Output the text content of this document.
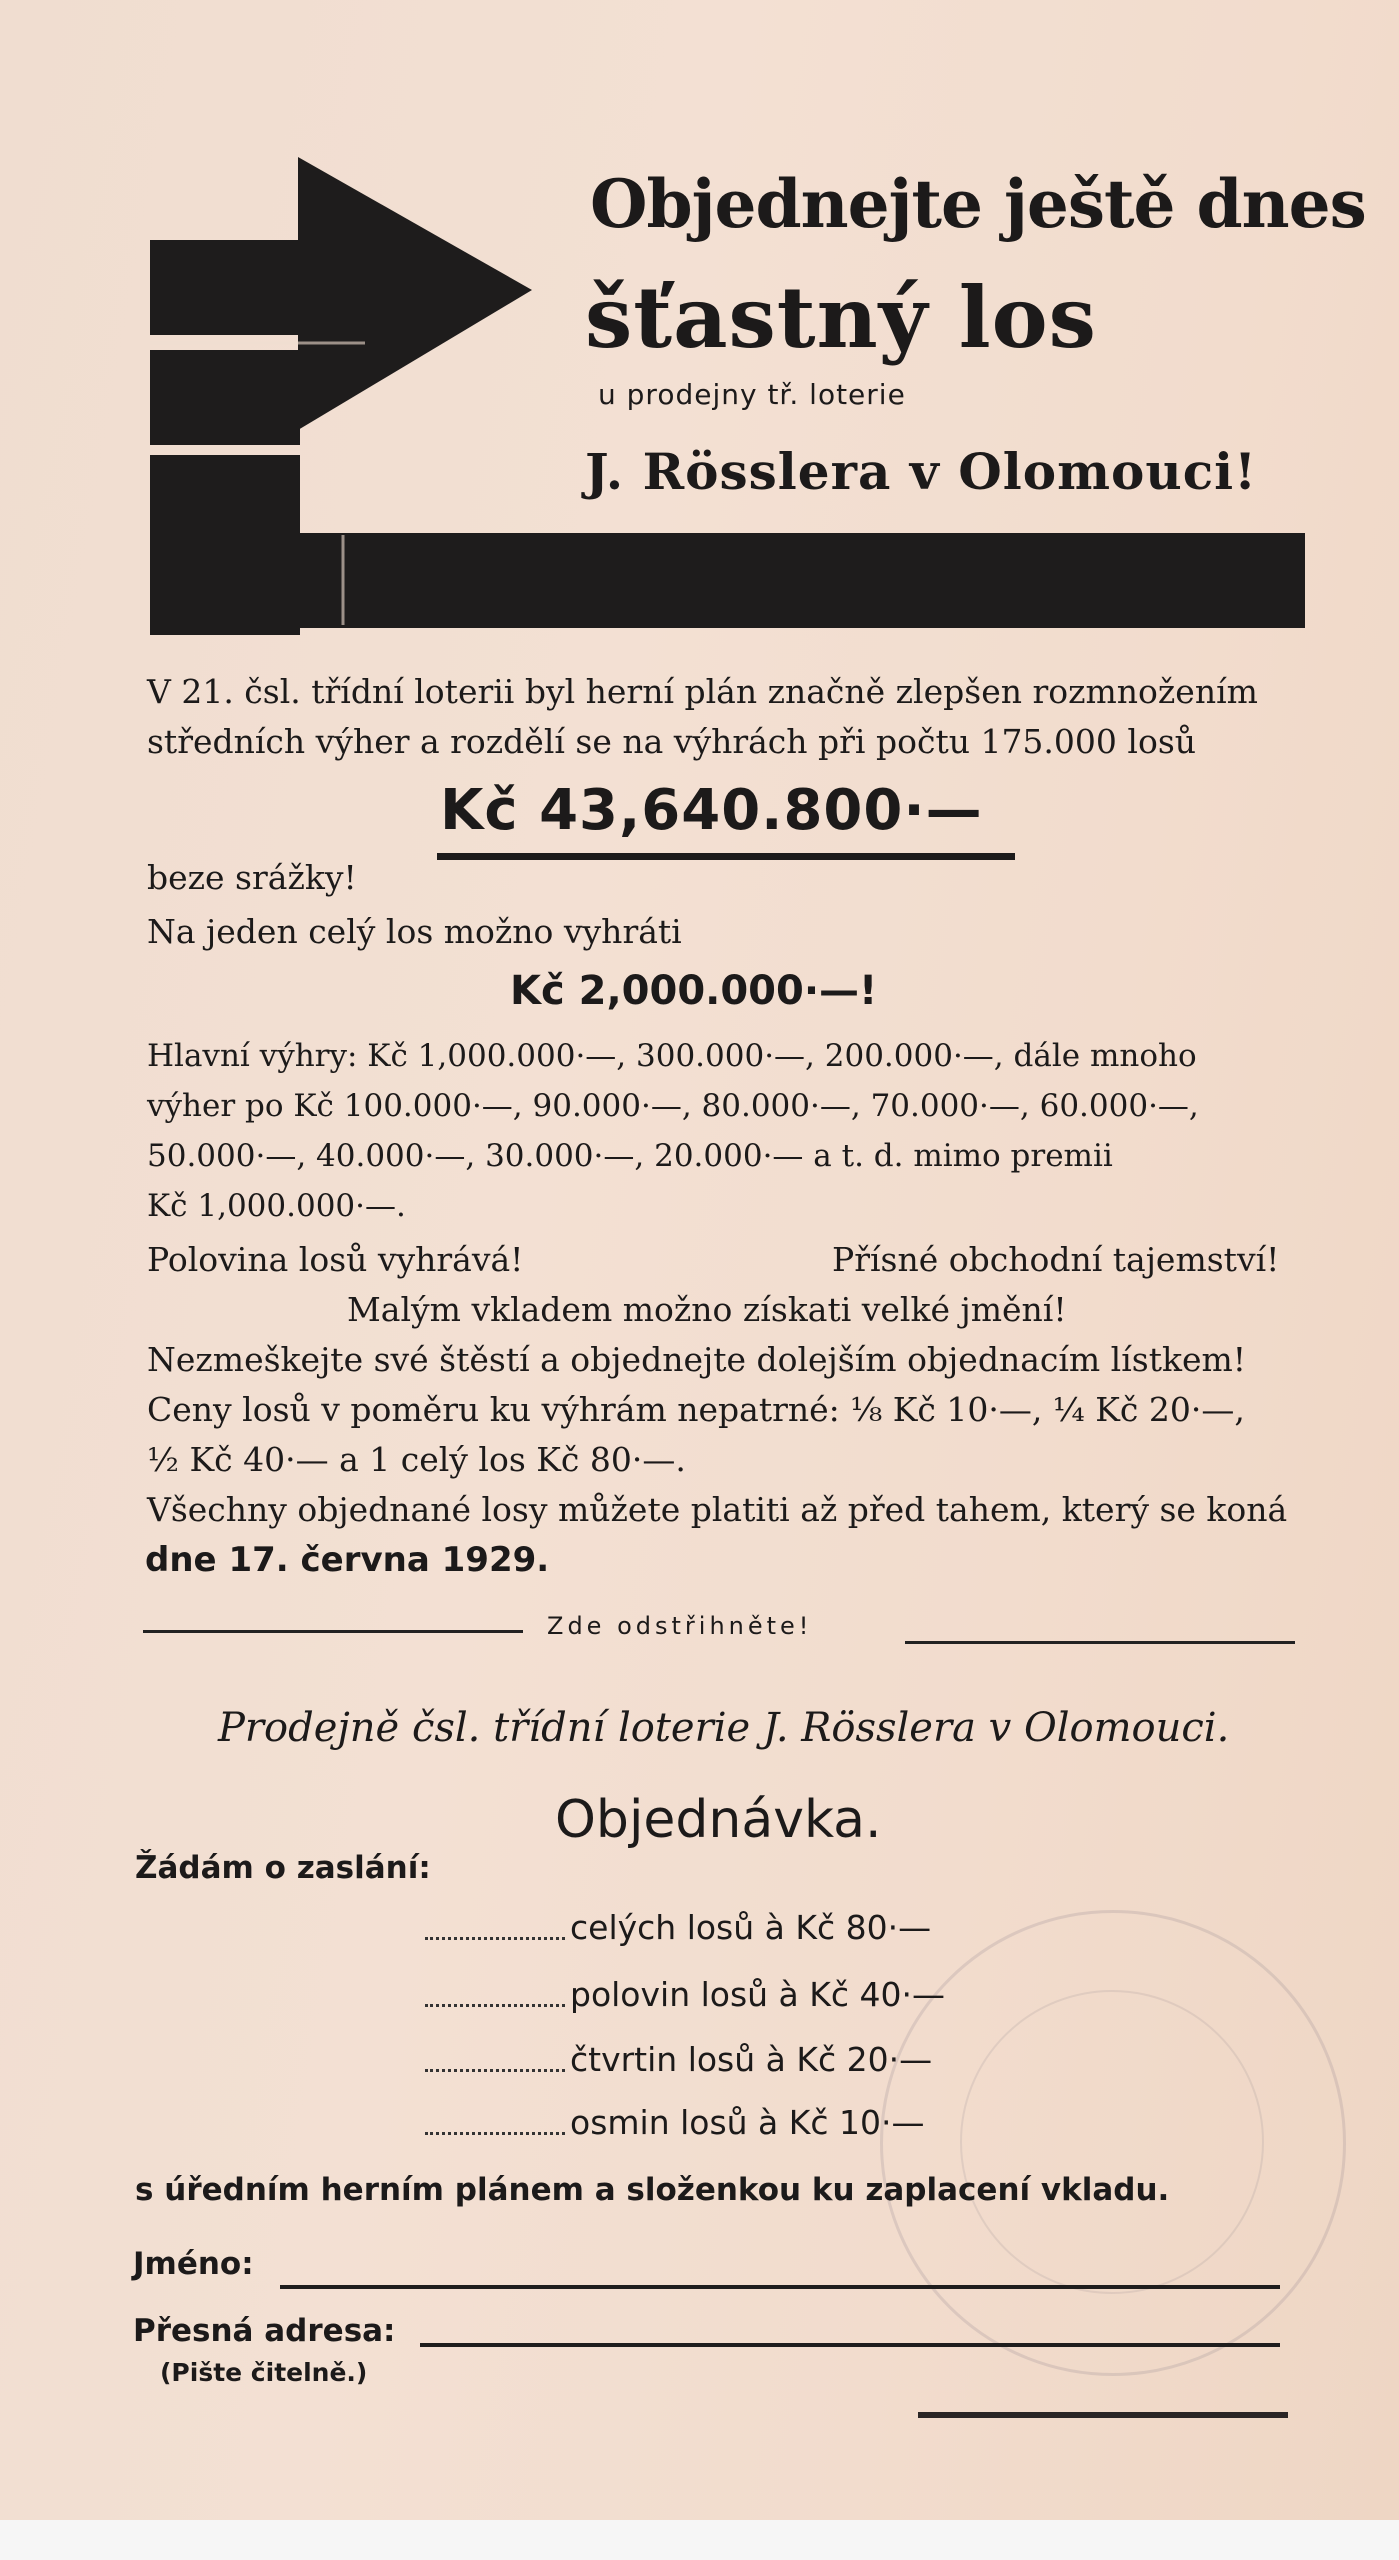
Objednejte ještě dnes
šťastný los
u prodejny tř. loterie
J. Rösslera v Olomouci!
V 21. čsl. třídní loterii byl herní plán značně zlepšen rozmnožením
středních výher a rozdělí se na výhrách při počtu 175.000 losů
Kč 43,640.800·—
beze srážky!
Na jeden celý los možno vyhráti
Kč 2,000.000·—!
Hlavní výhry: Kč 1,000.000·—, 300.000·—, 200.000·—, dále mnoho
výher po Kč 100.000·—, 90.000·—, 80.000·—, 70.000·—, 60.000·—,
50.000·—, 40.000·—, 30.000·—, 20.000·— a t. d. mimo premii
Kč 1,000.000·—.
Polovina losů vyhrává!	Přísné obchodní tajemství!
Malým vkladem možno získati velké jmění!
Nezmeškejte své štěstí a objednejte dolejším objednacím lístkem!
Ceny losů v poměru ku výhrám nepatrné: ⅛ Kč 10·—, ¼ Kč 20·—,
½ Kč 40·— a 1 celý los Kč 80·—.
Všechny objednané losy můžete platiti až před tahem, který se koná
dne 17. června 1929.
Zde odstřihněte!
Prodejně čsl. třídní loterie J. Rösslera v Olomouci.
Objednávka.
Žádám o zaslání:
celých losů à Kč 80·—
polovin losů à Kč 40·—
čtvrtin losů à Kč 20·—
osmin losů à Kč 10·—
s úředním herním plánem a složenkou ku zaplacení vkladu.
Jméno:
Přesná adresa:
(Pište čitelně.)
